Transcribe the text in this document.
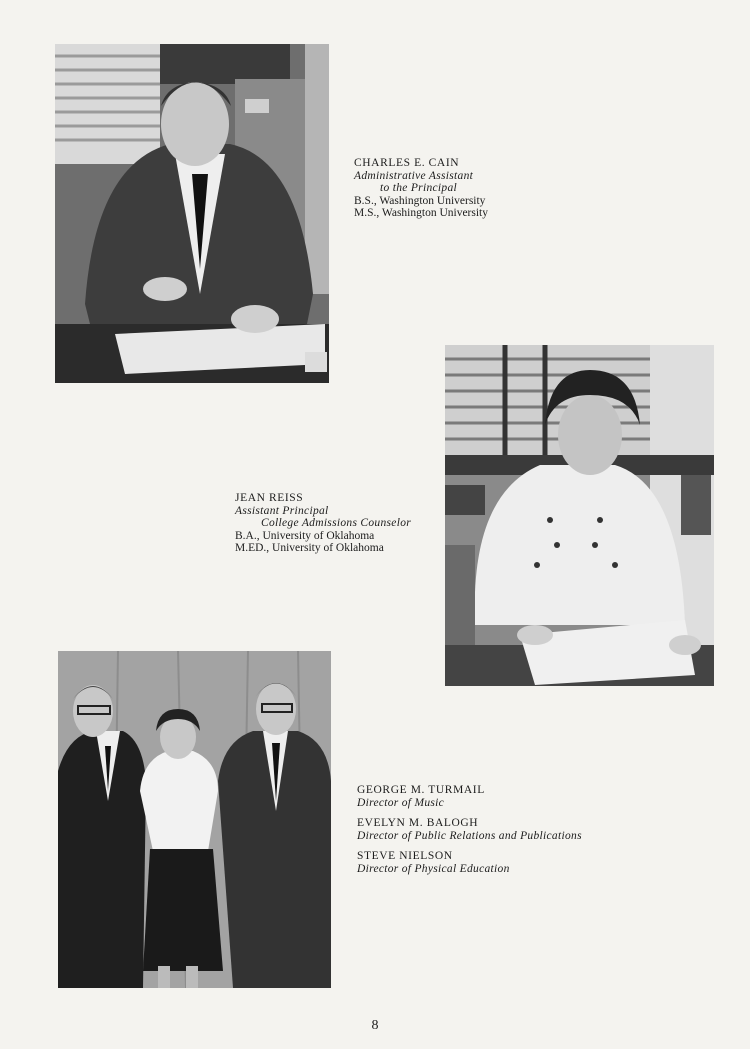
CHARLES E. CAIN
Administrative Assistant
to the Principal
B.S., Washington University
M.S., Washington University
JEAN REISS
Assistant Principal
College Admissions Counselor
B.A., University of Oklahoma
M.ED., University of Oklahoma
GEORGE M. TURMAIL
Director of Music
EVELYN M. BALOGH
Director of Public Relations and Publications
STEVE NIELSON
Director of Physical Education
8
